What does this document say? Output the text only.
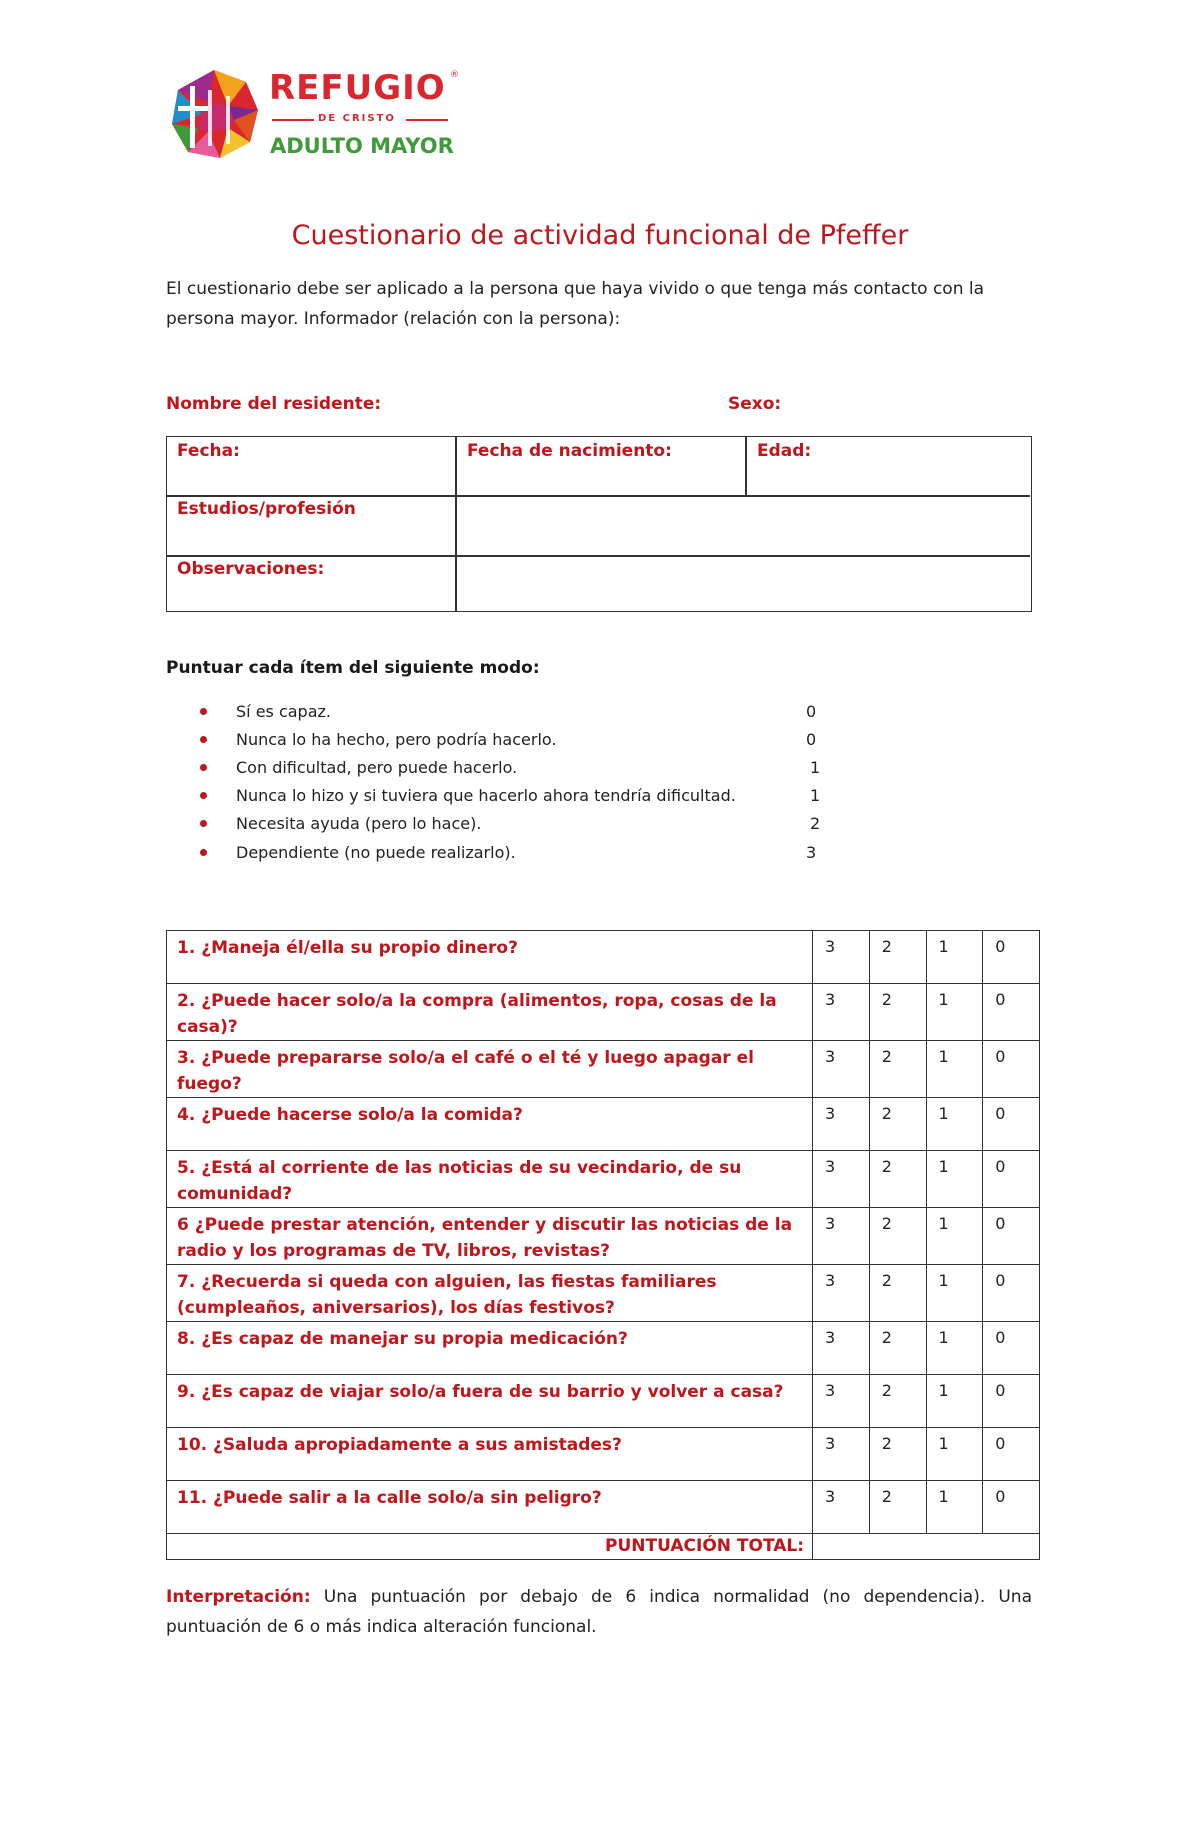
REFUGIO ®
DE CRISTO
ADULTO MAYOR
Cuestionario de actividad funcional de Pfeffer
El cuestionario debe ser aplicado a la persona que haya vivido o que tenga más contacto con la persona mayor. Informador (relación con la persona):
Nombre del residente:	Sexo:
Fecha:	Fecha de nacimiento:	Edad:
Estudios/profesión
Observaciones:
Puntuar cada ítem del siguiente modo:
Sí es capaz.	0
Nunca lo ha hecho, pero podría hacerlo.	0
Con dificultad, pero puede hacerlo.	1
Nunca lo hizo y si tuviera que hacerlo ahora tendría dificultad.	1
Necesita ayuda (pero lo hace).	2
Dependiente (no puede realizarlo).	3
1. ¿Maneja él/ella su propio dinero?	3	2	1	0
2. ¿Puede hacer solo/a la compra (alimentos, ropa, cosas de la casa)?	3	2	1	0
3. ¿Puede prepararse solo/a el café o el té y luego apagar el fuego?	3	2	1	0
4. ¿Puede hacerse solo/a la comida?	3	2	1	0
5. ¿Está al corriente de las noticias de su vecindario, de su comunidad?	3	2	1	0
6 ¿Puede prestar atención, entender y discutir las noticias de la radio y los programas de TV, libros, revistas?	3	2	1	0
7. ¿Recuerda si queda con alguien, las fiestas familiares (cumpleaños, aniversarios), los días festivos?	3	2	1	0
8. ¿Es capaz de manejar su propia medicación?	3	2	1	0
9. ¿Es capaz de viajar solo/a fuera de su barrio y volver a casa?	3	2	1	0
10. ¿Saluda apropiadamente a sus amistades?	3	2	1	0
11. ¿Puede salir a la calle solo/a sin peligro?	3	2	1	0
PUNTUACIÓN TOTAL:				
Interpretación: Una puntuación por debajo de 6 indica normalidad (no dependencia). Una puntuación de 6 o más indica alteración funcional.
